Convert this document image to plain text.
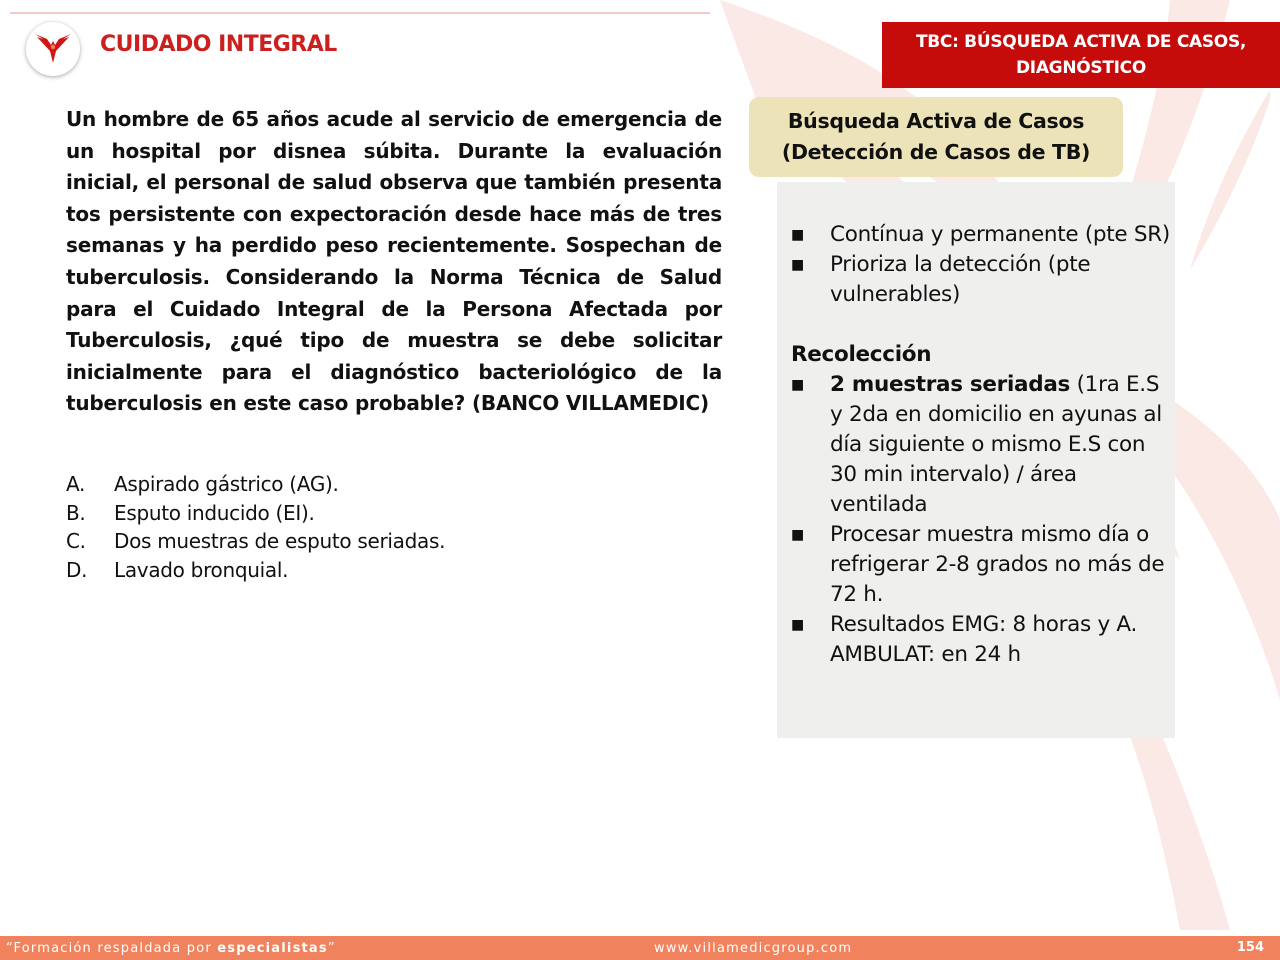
CUIDADO INTEGRAL	TBC: BÚSQUEDA ACTIVA DE CASOS,
DIAGNÓSTICO
Un hombre de 65 años acude al servicio de emergencia de un hospital por disnea súbita. Durante la evaluación inicial, el personal de salud observa que también presenta tos persistente con expectoración desde hace más de tres semanas y ha perdido peso recientemente. Sospechan de tuberculosis. Considerando la Norma Técnica de Salud para el Cuidado Integral de la Persona Afectada por Tuberculosis, ¿qué tipo de muestra se debe solicitar inicialmente para el diagnóstico bacteriológico de la tuberculosis en este caso probable? (BANCO VILLAMEDIC)
A.	Aspirado gástrico (AG).
B.	Esputo inducido (EI).
C.	Dos muestras de esputo seriadas.
D.	Lavado bronquial.
Búsqueda Activa de Casos
(Detección de Casos de TB)
■	Contínua y permanente (pte SR)
■	Prioriza la detección (pte vulnerables)
Recolección
■	2 muestras seriadas (1ra E.S y 2da en domicilio en ayunas al día siguiente o mismo E.S con 30 min intervalo) / área ventilada
■	Procesar muestra mismo día o refrigerar 2-8 grados no más de 72 h.
■	Resultados EMG: 8 horas y A. AMBULAT: en 24 h
“Formación respaldada por especialistas”	www.villamedicgroup.com	154
